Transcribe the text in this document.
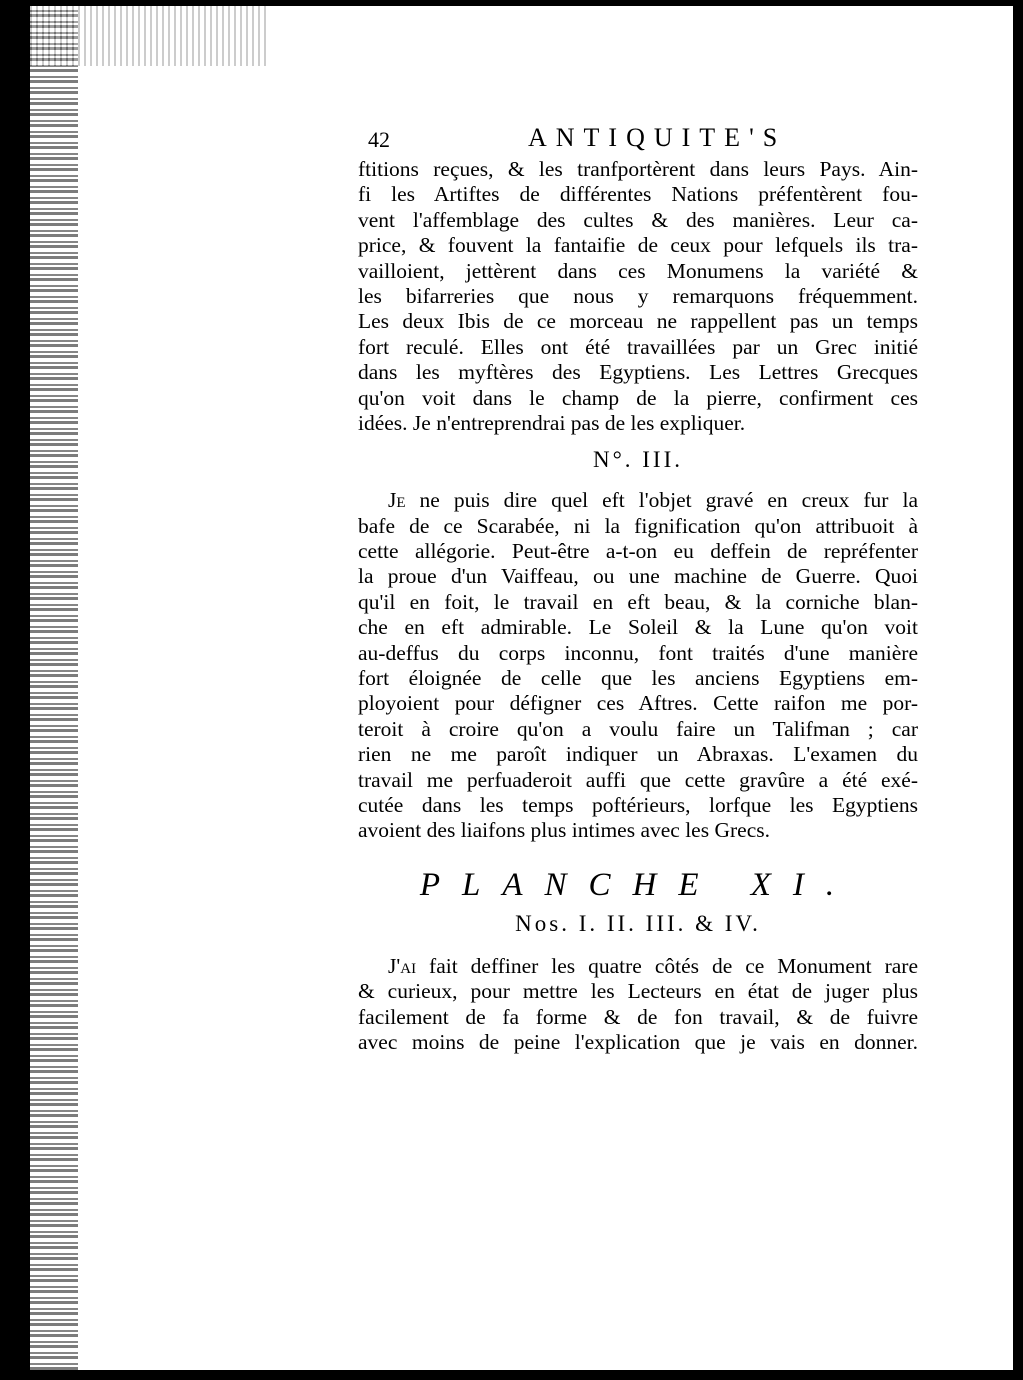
42	ANTIQUITE'S
ftitions reçues, & les tranfportèrent dans leurs Pays. Ain-
fi les Artiftes de différentes Nations préfentèrent fou-
vent l'affemblage des cultes & des manières. Leur ca-
price, & fouvent la fantaifie de ceux pour lefquels ils tra-
vailloient, jettèrent dans ces Monumens la variété &
les bifarreries que nous y remarquons fréquemment.
Les deux Ibis de ce morceau ne rappellent pas un temps
fort reculé. Elles ont été travaillées par un Grec initié
dans les myftères des Egyptiens. Les Lettres Grecques
qu'on voit dans le champ de la pierre, confirment ces
idées. Je n'entreprendrai pas de les expliquer.
N°. III.
Je ne puis dire quel eft l'objet gravé en creux fur la
bafe de ce Scarabée, ni la fignification qu'on attribuoit à
cette allégorie. Peut-être a-t-on eu deffein de repréfenter
la proue d'un Vaiffeau, ou une machine de Guerre. Quoi
qu'il en foit, le travail en eft beau, & la corniche blan-
che en eft admirable. Le Soleil & la Lune qu'on voit
au-deffus du corps inconnu, font traités d'une manière
fort éloignée de celle que les anciens Egyptiens em-
ployoient pour défigner ces Aftres. Cette raifon me por-
teroit à croire qu'on a voulu faire un Talifman ; car
rien ne me paroît indiquer un Abraxas. L'examen du
travail me perfuaderoit auffi que cette gravûre a été exé-
cutée dans les temps poftérieurs, lorfque les Egyptiens
avoient des liaifons plus intimes avec les Grecs.
PLANCHE XI.
Nos. I. II. III. & IV.
J'ai fait deffiner les quatre côtés de ce Monument rare
& curieux, pour mettre les Lecteurs en état de juger plus
facilement de fa forme & de fon travail, & de fuivre
avec moins de peine l'explication que je vais en donner.
